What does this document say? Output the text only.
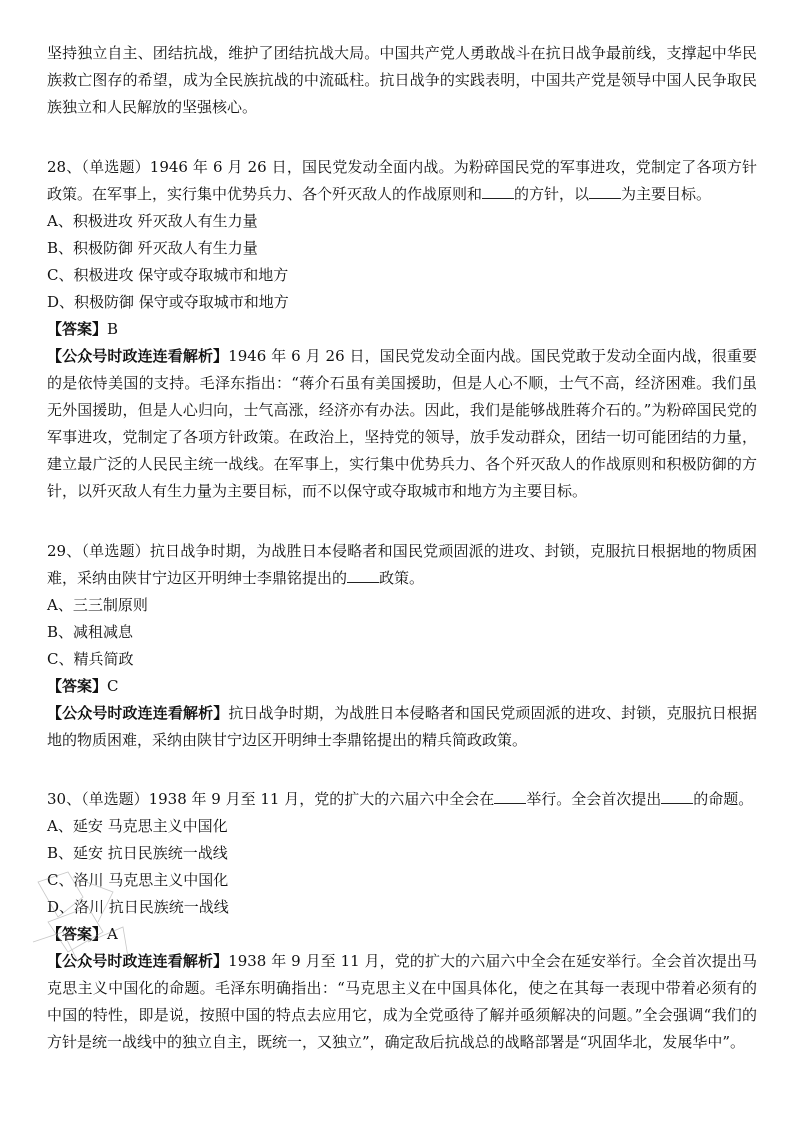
坚持独立自主、团结抗战，维护了团结抗战大局。中国共产党人勇敢战斗在抗日战争最前线，支撑起中华民族救亡图存的希望，成为全民族抗战的中流砥柱。抗日战争的实践表明，中国共产党是领导中国人民争取民族独立和人民解放的坚强核心。

28、（单选题）1946 年 6 月 26 日，国民党发动全面内战。为粉碎国民党的军事进攻，党制定了各项方针政策。在军事上，实行集中优势兵力、各个歼灭敌人的作战原则和 的方针，以 为主要目标。

A、积极进攻 歼灭敌人有生力量

B、积极防御 歼灭敌人有生力量

C、积极进攻 保守或夺取城市和地方

D、积极防御 保守或夺取城市和地方

【答案】B

【公众号时政连连看解析】1946 年 6 月 26 日，国民党发动全面内战。国民党敢于发动全面内战，很重要的是依恃美国的支持。毛泽东指出：“蒋介石虽有美国援助，但是人心不顺，士气不高，经济困难。我们虽无外国援助，但是人心归向，士气高涨，经济亦有办法。因此，我们是能够战胜蒋介石的。”为粉碎国民党的军事进攻，党制定了各项方针政策。在政治上，坚持党的领导，放手发动群众，团结一切可能团结的力量，建立最广泛的人民民主统一战线。在军事上，实行集中优势兵力、各个歼灭敌人的作战原则和积极防御的方针，以歼灭敌人有生力量为主要目标，而不以保守或夺取城市和地方为主要目标。

29、（单选题）抗日战争时期，为战胜日本侵略者和国民党顽固派的进攻、封锁，克服抗日根据地的物质困难，采纳由陕甘宁边区开明绅士李鼎铭提出的 政策。

A、三三制原则

B、减租减息

C、精兵简政

【答案】C

【公众号时政连连看解析】抗日战争时期，为战胜日本侵略者和国民党顽固派的进攻、封锁，克服抗日根据地的物质困难，采纳由陕甘宁边区开明绅士李鼎铭提出的精兵简政政策。

30、（单选题）1938 年 9 月至 11 月，党的扩大的六届六中全会在 举行。全会首次提出 的命题。

A、延安 马克思主义中国化

B、延安 抗日民族统一战线

C、洛川 马克思主义中国化

D、洛川 抗日民族统一战线

【答案】A

【公众号时政连连看解析】1938 年 9 月至 11 月，党的扩大的六届六中全会在延安举行。全会首次提出马克思主义中国化的命题。毛泽东明确指出：“马克思主义在中国具体化，使之在其每一表现中带着必须有的中国的特性，即是说，按照中国的特点去应用它，成为全党亟待了解并亟须解决的问题。”全会强调“我们的方针是统一战线中的独立自主，既统一，又独立”，确定敌后抗战总的战略部署是“巩固华北，发展华中”。
